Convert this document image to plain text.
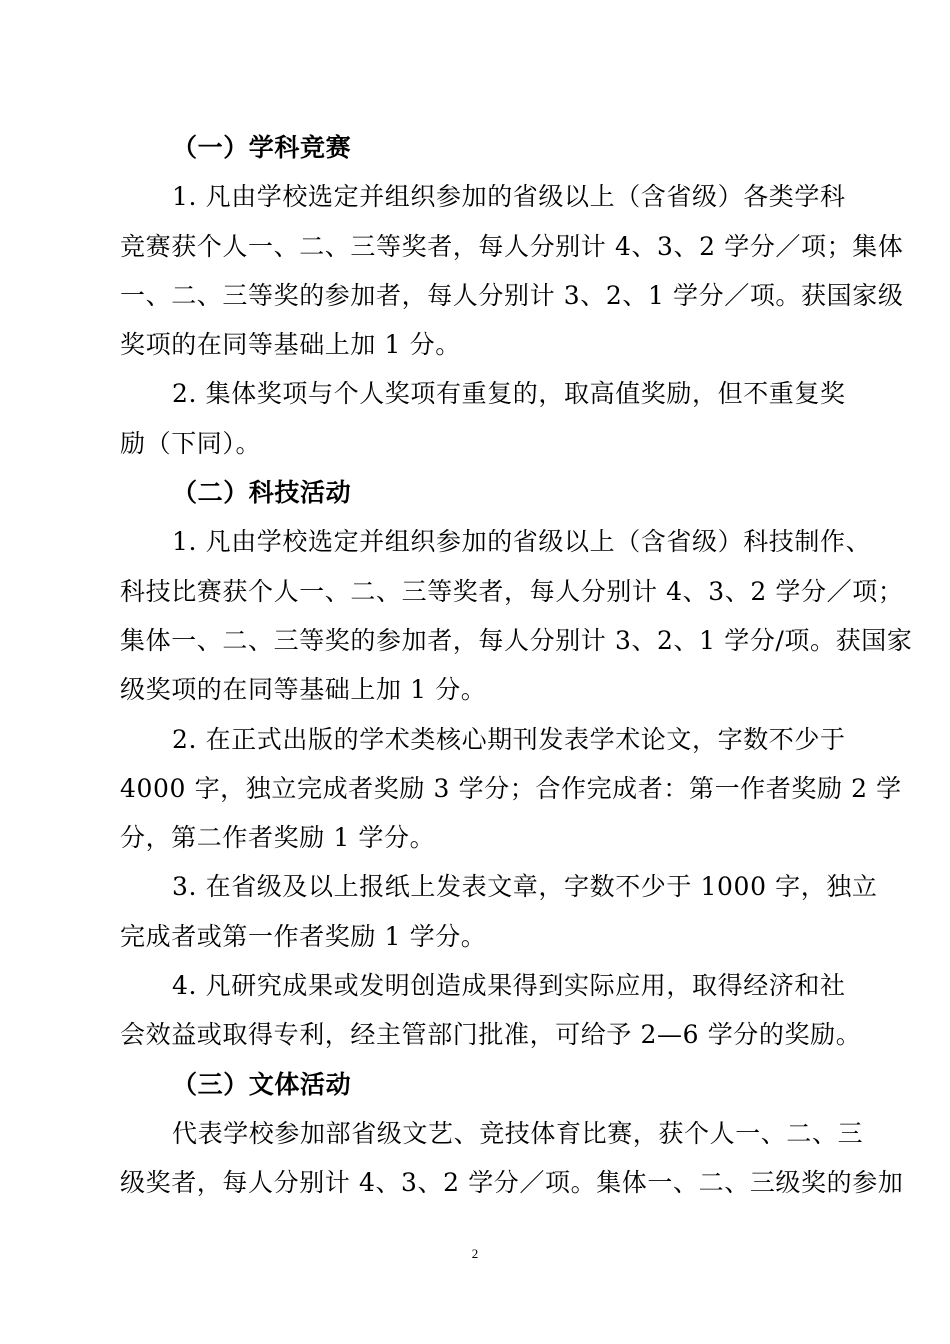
（一）学科竞赛
1. 凡由学校选定并组织参加的省级以上（含省级）各类学科
竞赛获个人一、二、三等奖者，每人分别计 4、3、2 学分／项；集体
一、二、三等奖的参加者，每人分别计 3、2、1 学分／项。获国家级
奖项的在同等基础上加 1 分。
2. 集体奖项与个人奖项有重复的，取高值奖励，但不重复奖
励（下同）。
（二）科技活动
1. 凡由学校选定并组织参加的省级以上（含省级）科技制作、
科技比赛获个人一、二、三等奖者，每人分别计 4、3、2 学分／项；
集体一、二、三等奖的参加者，每人分别计 3、2、1 学分/项。获国家
级奖项的在同等基础上加 1 分。
2. 在正式出版的学术类核心期刊发表学术论文，字数不少于
4000 字，独立完成者奖励 3 学分；合作完成者：第一作者奖励 2 学
分，第二作者奖励 1 学分。
3. 在省级及以上报纸上发表文章，字数不少于 1000 字，独立
完成者或第一作者奖励 1 学分。
4. 凡研究成果或发明创造成果得到实际应用，取得经济和社
会效益或取得专利，经主管部门批准，可给予 2—6 学分的奖励。
（三）文体活动
代表学校参加部省级文艺、竞技体育比赛，获个人一、二、三
级奖者，每人分别计 4、3、2 学分／项。集体一、二、三级奖的参加
2
